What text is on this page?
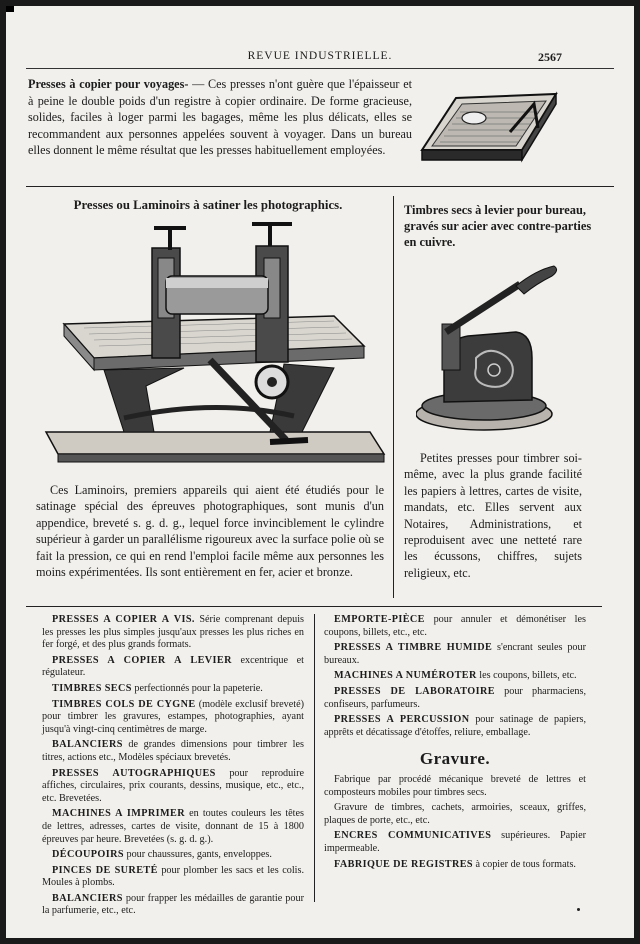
REVUE INDUSTRIELLE.	2567
Presses à copier pour voyages- — Ces presses n'ont guère que l'épaisseur et à peine le double poids d'un registre à copier ordinaire. De forme gracieuse, solides, faciles à loger parmi les bagages, même les plus délicats, elles se recommandent aux personnes appelées souvent à voyager. Dans un bureau elles donnent le même résultat que les presses habituellement employées.
Presses ou Laminoirs à satiner les photographics.
Ces Laminoirs, premiers appareils qui aient été étudiés pour le satinage spécial des épreuves photographiques, sont munis d'un appendice, breveté s. g. d. g., lequel force invinciblement le cylindre supérieur à garder un parallélisme rigoureux avec la surface polie où se fait la pression, ce qui en rend l'emploi facile même aux personnes les moins expérimentées. Ils sont entièrement en fer, acier et bronze.
Timbres secs à levier pour bureau, gravés sur acier avec contre-parties en cuivre.
Petites presses pour timbrer soi-même, avec la plus grande facilité les papiers à lettres, cartes de visite, mandats, etc. Elles servent aux Notaires, Administrations, et reproduisent avec une netteté rare les écussons, chiffres, sujets religieux, etc.

PRESSES A COPIER A VIS. Série comprenant depuis les presses les plus simples jusqu'aux presses les plus riches en fer forgé, et des plus grands formats.

PRESSES A COPIER A LEVIER excentrique et régulateur.

TIMBRES SECS perfectionnés pour la papeterie.

TIMBRES COLS DE CYGNE (modèle exclusif breveté) pour timbrer les gravures, estampes, photographies, ayant jusqu'à vingt-cinq centimètres de marge.

BALANCIERS de grandes dimensions pour timbrer les titres, actions etc., Modèles spéciaux brevetés.

PRESSES AUTOGRAPHIQUES pour reproduire affiches, circulaires, prix courants, dessins, musique, etc., etc., etc. Brevetées.

MACHINES A IMPRIMER en toutes couleurs les têtes de lettres, adresses, cartes de visite, donnant de 15 à 1800 épreuves par heure. Brevetées (s. g. d. g.).

DÉCOUPOIRS pour chaussures, gants, enveloppes.

PINCES DE SURETÉ pour plomber les sacs et les colis. Moules à plombs.

BALANCIERS pour frapper les médailles de garantie pour la parfumerie, etc., etc.

EMPORTE-PIÈCE pour annuler et démonétiser les coupons, billets, etc., etc.

PRESSES A TIMBRE HUMIDE s'encrant seules pour bureaux.

MACHINES A NUMÉROTER les coupons, billets, etc.

PRESSES DE LABORATOIRE pour pharmaciens, confiseurs, parfumeurs.

PRESSES A PERCUSSION pour satinage de papiers, apprêts et décatissage d'étoffes, reliure, emballage.

Gravure.

Fabrique par procédé mécanique breveté de lettres et composteurs mobiles pour timbres secs.

Gravure de timbres, cachets, armoiries, sceaux, griffes, plaques de porte, etc., etc.

ENCRES COMMUNICATIVES supérieures. Papier impermeable.

FABRIQUE DE REGISTRES à copier de tous formats.
